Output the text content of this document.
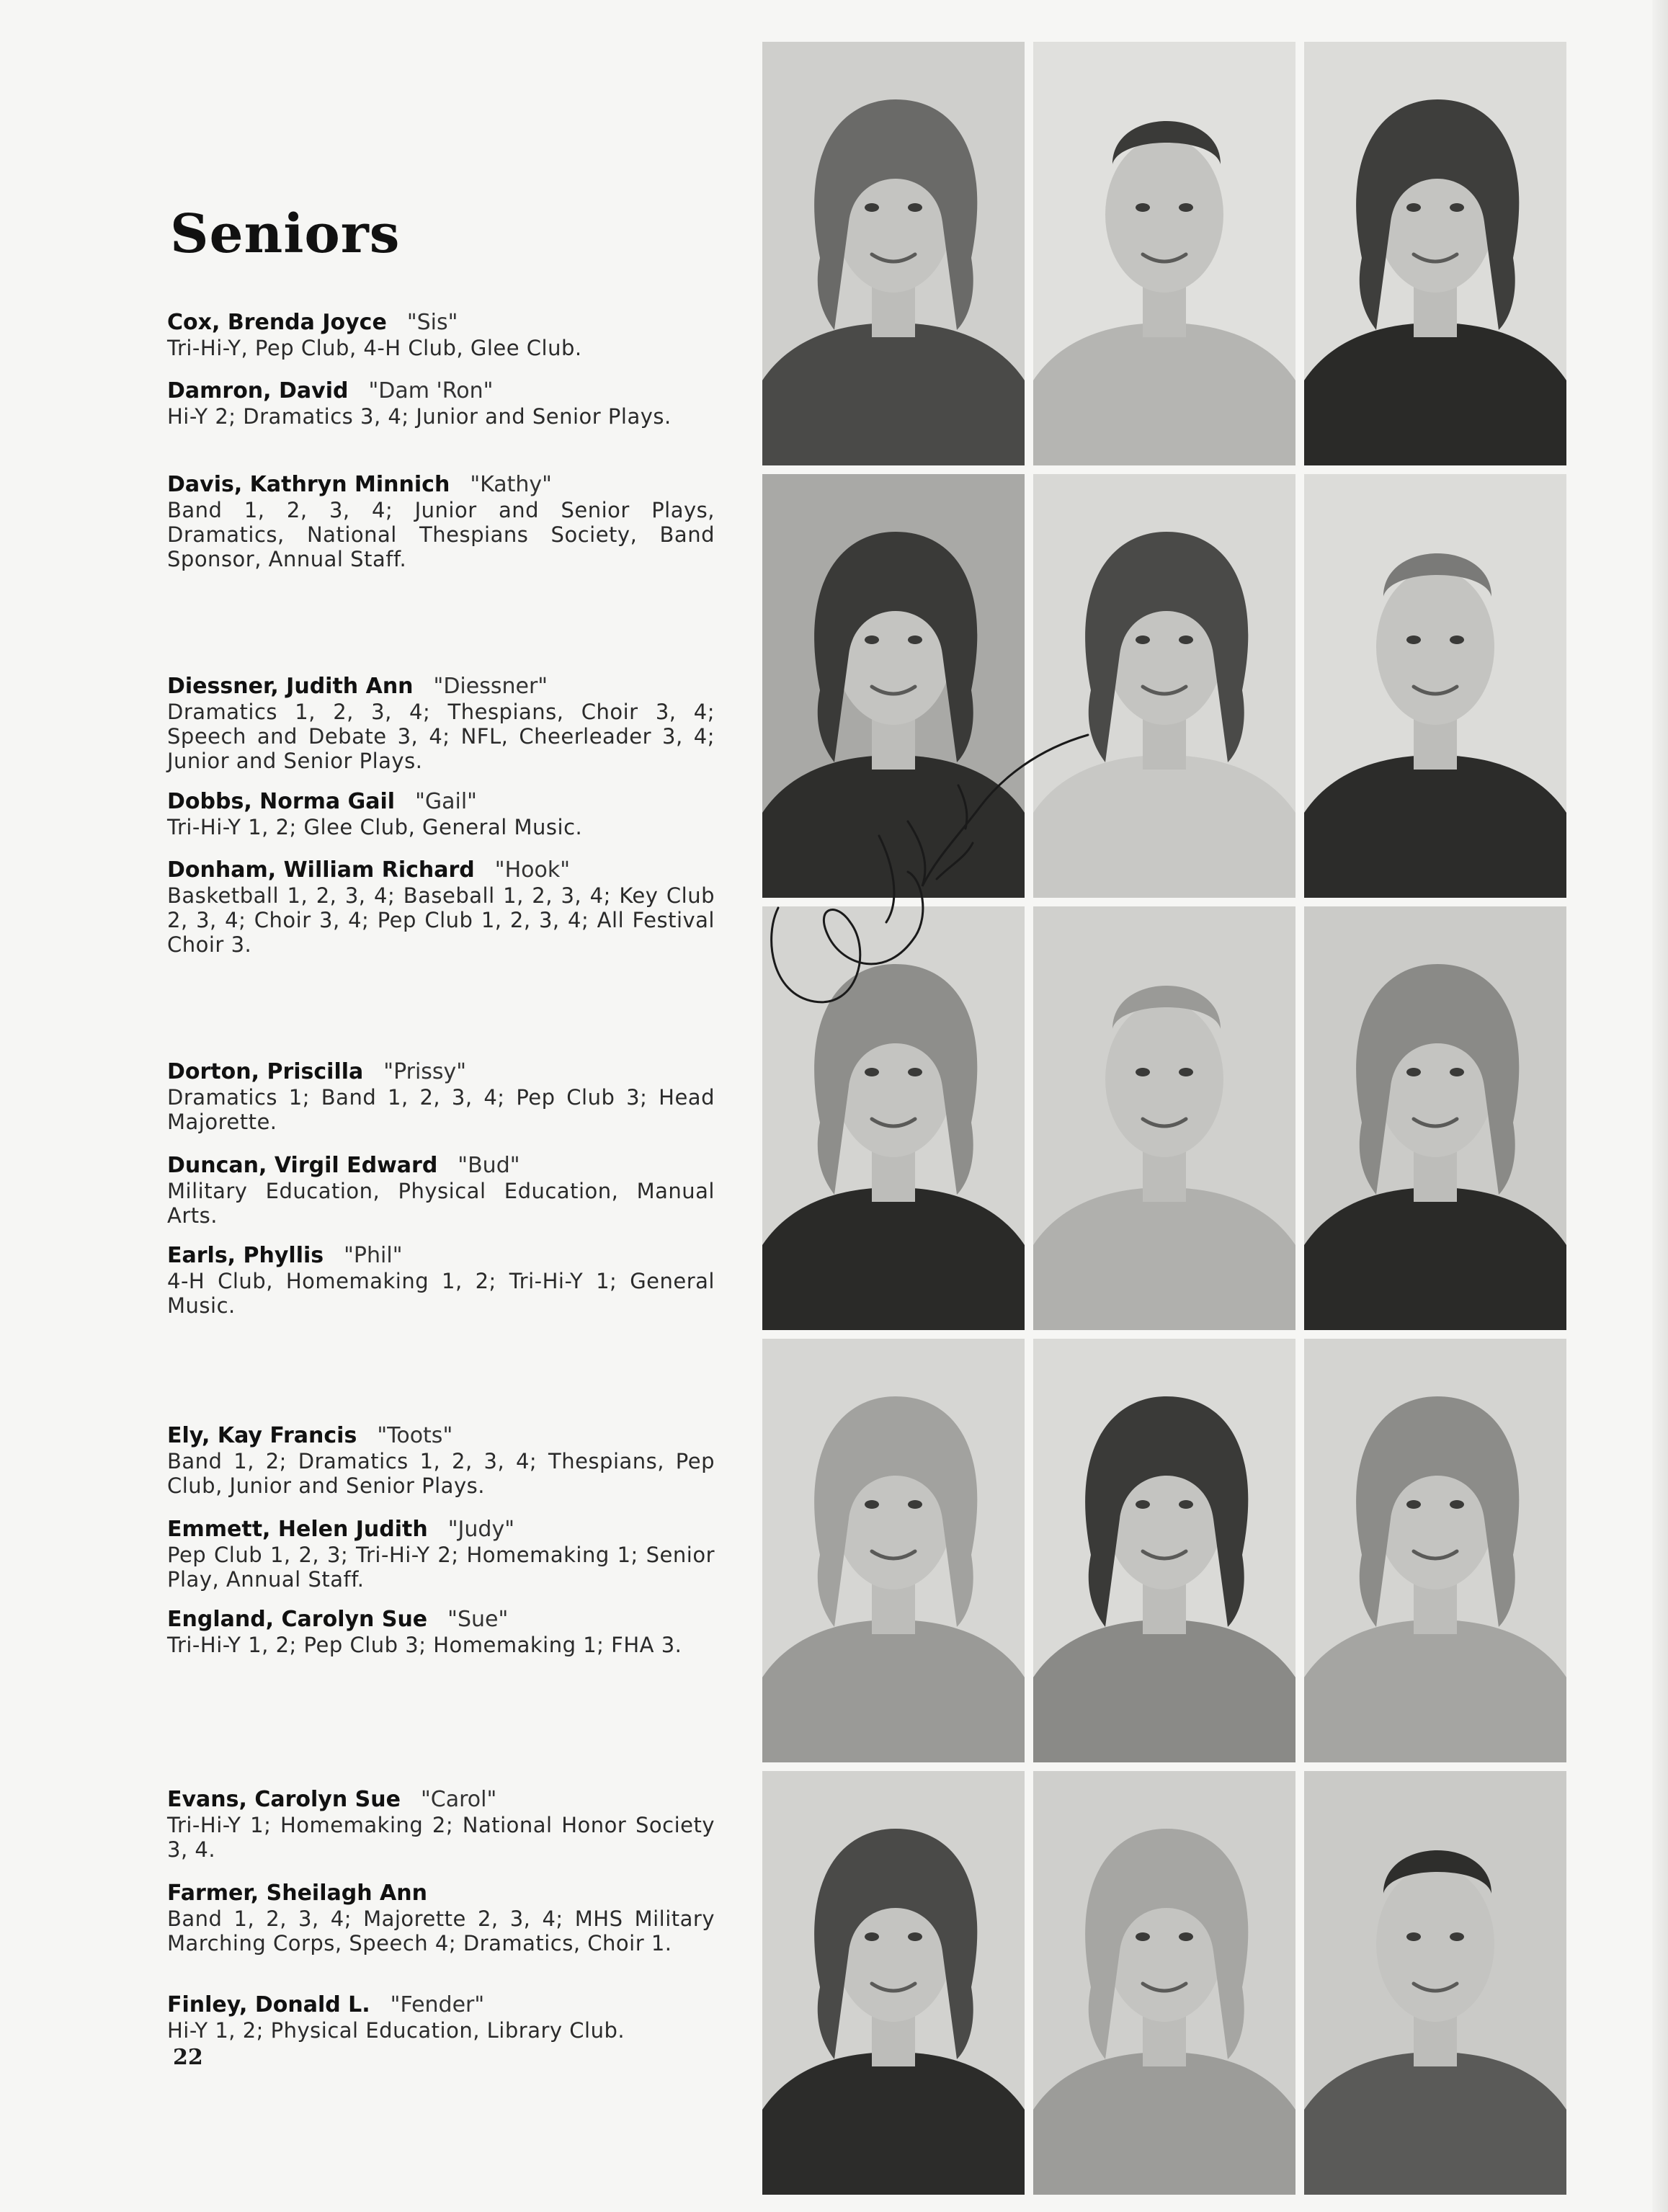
Seniors
Cox, Brenda Joyce "Sis"
Tri-Hi-Y, Pep Club, 4-H Club, Glee Club.
Damron, David "Dam 'Ron"
Hi-Y 2; Dramatics 3, 4; Junior and Senior Plays.
Davis, Kathryn Minnich "Kathy"
Band 1, 2, 3, 4; Junior and Senior Plays, Dramatics, National Thespians Society, Band Sponsor, Annual Staff.
Diessner, Judith Ann "Diessner"
Dramatics 1, 2, 3, 4; Thespians, Choir 3, 4; Speech and Debate 3, 4; NFL, Cheerleader 3, 4; Junior and Senior Plays.
Dobbs, Norma Gail "Gail"
Tri-Hi-Y 1, 2; Glee Club, General Music.
Donham, William Richard "Hook"
Basketball 1, 2, 3, 4; Baseball 1, 2, 3, 4; Key Club 2, 3, 4; Choir 3, 4; Pep Club 1, 2, 3, 4; All Festival Choir 3.
Dorton, Priscilla "Prissy"
Dramatics 1; Band 1, 2, 3, 4; Pep Club 3; Head Majorette.
Duncan, Virgil Edward "Bud"
Military Education, Physical Education, Manual Arts.
Earls, Phyllis "Phil"
4-H Club, Homemaking 1, 2; Tri-Hi-Y 1; General Music.
Ely, Kay Francis "Toots"
Band 1, 2; Dramatics 1, 2, 3, 4; Thespians, Pep Club, Junior and Senior Plays.
Emmett, Helen Judith "Judy"
Pep Club 1, 2, 3; Tri-Hi-Y 2; Homemaking 1; Senior Play, Annual Staff.
England, Carolyn Sue "Sue"
Tri-Hi-Y 1, 2; Pep Club 3; Homemaking 1; FHA 3.
Evans, Carolyn Sue "Carol"
Tri-Hi-Y 1; Homemaking 2; National Honor Society 3, 4.
Farmer, Sheilagh Ann
Band 1, 2, 3, 4; Majorette 2, 3, 4; MHS Military Marching Corps, Speech 4; Dramatics, Choir 1.
Finley, Donald L. "Fender"
Hi-Y 1, 2; Physical Education, Library Club.
22
